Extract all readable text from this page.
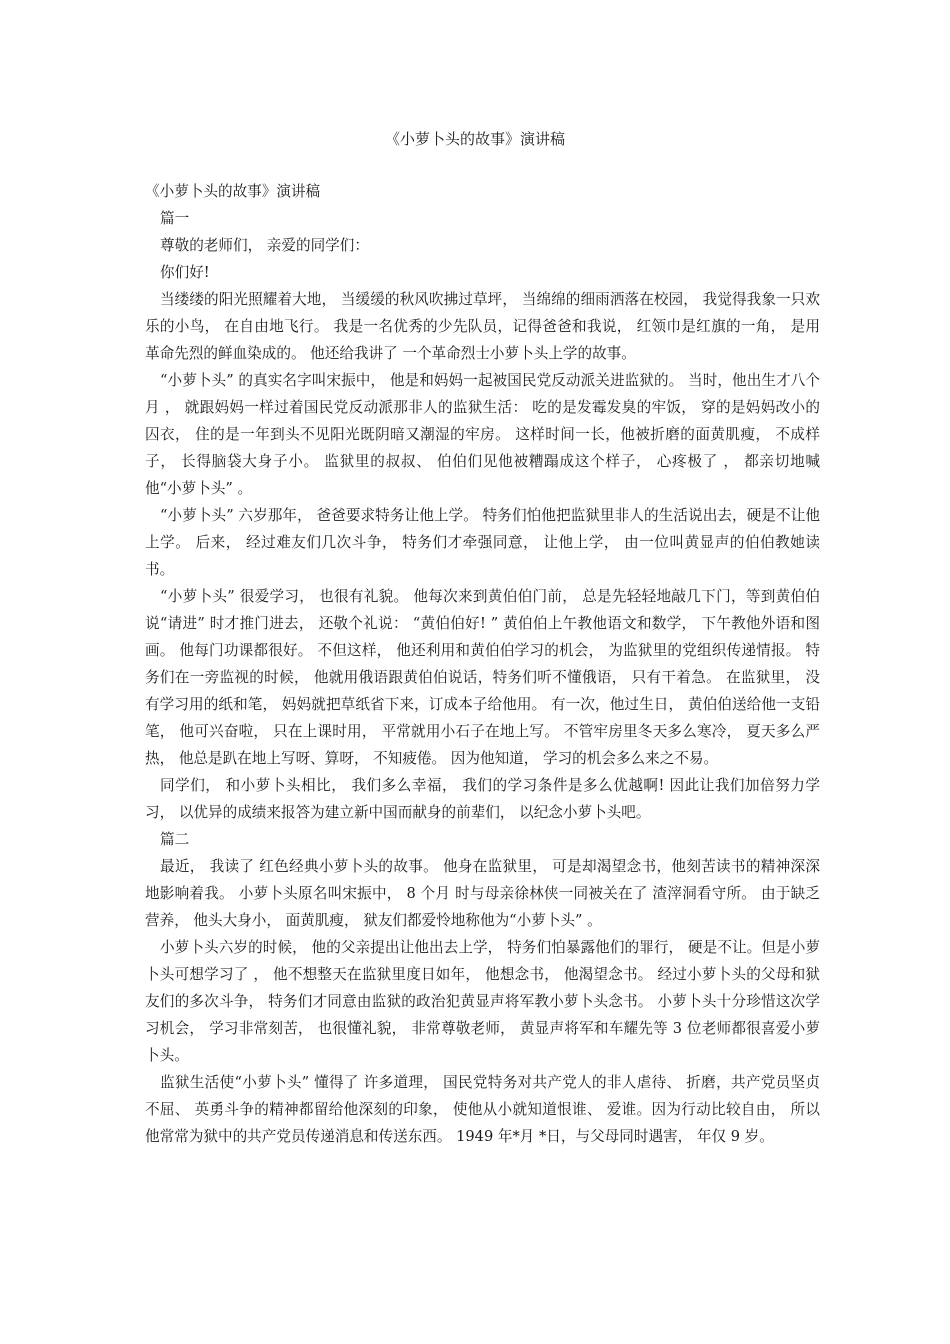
《小萝卜头的故事》演讲稿

《小萝卜头的故事》演讲稿

篇一

尊敬的老师们， 亲爱的同学们：

你们好!

当缕缕的阳光照耀着大地， 当缓缓的秋风吹拂过草坪， 当绵绵的细雨洒落在校园， 我觉得我象一只欢乐的小鸟， 在自由地飞行。 我是一名优秀的少先队员，记得爸爸和我说， 红领巾是红旗的一角， 是用革命先烈的鲜血染成的。 他还给我讲了 一个革命烈士小萝卜头上学的故事。

“小萝卜头” 的真实名字叫宋振中， 他是和妈妈一起被国民党反动派关进监狱的。 当时，他出生才八个月 ， 就跟妈妈一样过着国民党反动派那非人的监狱生活： 吃的是发霉发臭的牢饭， 穿的是妈妈改小的囚衣， 住的是一年到头不见阳光既阴暗又潮湿的牢房。 这样时间一长，他被折磨的面黄肌瘦， 不成样子， 长得脑袋大身子小。 监狱里的叔叔、 伯伯们见他被糟蹋成这个样子， 心疼极了 ， 都亲切地喊他“小萝卜头” 。

“小萝卜头” 六岁那年， 爸爸要求特务让他上学。 特务们怕他把监狱里非人的生活说出去，硬是不让他上学。 后来， 经过难友们几次斗争， 特务们才牵强同意， 让他上学， 由一位叫黄显声的伯伯教她读书。

“小萝卜头” 很爱学习， 也很有礼貌。 他每次来到黄伯伯门前， 总是先轻轻地敲几下门，等到黄伯伯说“请进” 时才推门进去， 还敬个礼说： “黄伯伯好! ” 黄伯伯上午教他语文和数学， 下午教他外语和图画。 他每门功课都很好。 不但这样， 他还利用和黄伯伯学习的机会， 为监狱里的党组织传递情报。 特务们在一旁监视的时候， 他就用俄语跟黄伯伯说话，特务们听不懂俄语， 只有干着急。 在监狱里， 没有学习用的纸和笔， 妈妈就把草纸省下来，订成本子给他用。 有一次，他过生日， 黄伯伯送给他一支铅笔， 他可兴奋啦， 只在上课时用， 平常就用小石子在地上写。 不管牢房里冬天多么寒冷， 夏天多么严热， 他总是趴在地上写呀、算呀， 不知疲倦。 因为他知道， 学习的机会多么来之不易。

同学们， 和小萝卜头相比， 我们多么幸福， 我们的学习条件是多么优越啊! 因此让我们加倍努力学习， 以优异的成绩来报答为建立新中国而献身的前辈们， 以纪念小萝卜头吧。

篇二

最近， 我读了 红色经典小萝卜头的故事。 他身在监狱里， 可是却渴望念书，他刻苦读书的精神深深地影响着我。 小萝卜头原名叫宋振中， 8 个月 时与母亲徐林侠一同被关在了 渣滓洞看守所。 由于缺乏营养， 他头大身小， 面黄肌瘦， 狱友们都爱怜地称他为“小萝卜头” 。

小萝卜头六岁的时候， 他的父亲提出让他出去上学， 特务们怕暴露他们的罪行， 硬是不让。但是小萝卜头可想学习了 ， 他不想整天在监狱里度日如年， 他想念书， 他渴望念书。 经过小萝卜头的父母和狱友们的多次斗争， 特务们才同意由监狱的政治犯黄显声将军教小萝卜头念书。 小萝卜头十分珍惜这次学习机会， 学习非常刻苦， 也很懂礼貌， 非常尊敬老师， 黄显声将军和车耀先等 3 位老师都很喜爱小萝卜头。

监狱生活使“小萝卜头” 懂得了 许多道理， 国民党特务对共产党人的非人虐待、 折磨，共产党员坚贞不屈、 英勇斗争的精神都留给他深刻的印象， 使他从小就知道恨谁、 爱谁。因为行动比较自由， 所以他常常为狱中的共产党员传递消息和传送东西。 1949 年*月 *日，与父母同时遇害， 年仅 9 岁。
